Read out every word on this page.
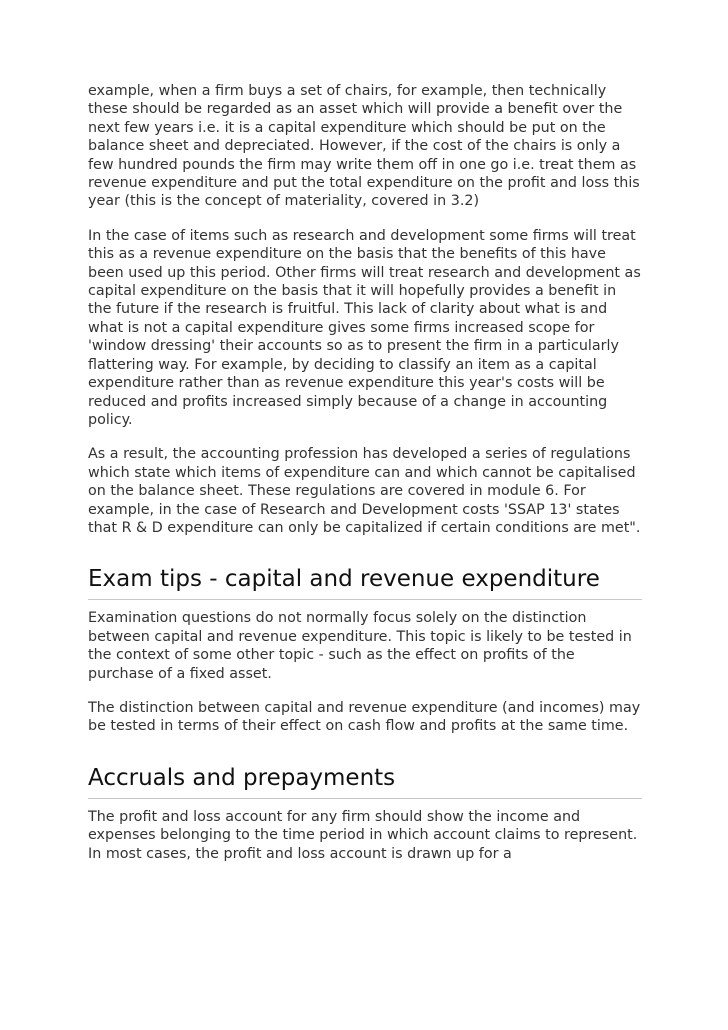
example, when a firm buys a set of chairs, for example, then technically these should be regarded as an asset which will provide a benefit over the next few years i.e. it is a capital expenditure which should be put on the balance sheet and depreciated. However, if the cost of the chairs is only a few hundred pounds the firm may write them off in one go i.e. treat them as revenue expenditure and put the total expenditure on the profit and loss this year (this is the concept of materiality, covered in 3.2)

In the case of items such as research and development some firms will treat this as a revenue expenditure on the basis that the benefits of this have been used up this period. Other firms will treat research and development as capital expenditure on the basis that it will hopefully provides a benefit in the future if the research is fruitful. This lack of clarity about what is and what is not a capital expenditure gives some firms increased scope for 'window dressing' their accounts so as to present the firm in a particularly flattering way. For example, by deciding to classify an item as a capital expenditure rather than as revenue expenditure this year's costs will be reduced and profits increased simply because of a change in accounting policy.

As a result, the accounting profession has developed a series of regulations which state which items of expenditure can and which cannot be capitalised on the balance sheet. These regulations are covered in module 6. For example, in the case of Research and Development costs 'SSAP 13' states that R & D expenditure can only be capitalized if certain conditions are met".

Exam tips - capital and revenue expenditure

Examination questions do not normally focus solely on the distinction between capital and revenue expenditure. This topic is likely to be tested in the context of some other topic - such as the effect on profits of the purchase of a fixed asset.

The distinction between capital and revenue expenditure (and incomes) may be tested in terms of their effect on cash flow and profits at the same time.

Accruals and prepayments

The profit and loss account for any firm should show the income and expenses belonging to the time period in which account claims to represent. In most cases, the profit and loss account is drawn up for a
